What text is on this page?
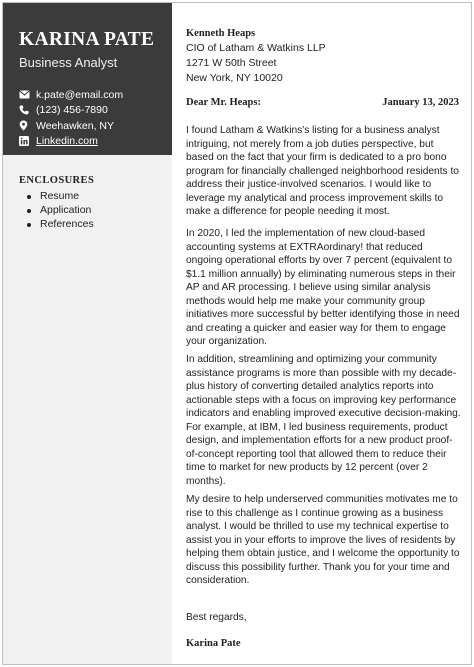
KARINA PATE
Business Analyst
k.pate@email.com
(123) 456-7890
Weehawken, NY
Linkedin.com
ENCLOSURES
Resume
Application
References
Kenneth Heaps
CIO of Latham & Watkins LLP
1271 W 50th Street
New York, NY 10020
Dear Mr. Heaps:	January 13, 2023

I found Latham & Watkins's listing for a business analyst intriguing, not merely from a job duties perspective, but based on the fact that your firm is dedicated to a pro bono program for financially challenged neighborhood residents to address their justice-involved scenarios. I would like to leverage my analytical and process improvement skills to make a difference for people needing it most.

In 2020, I led the implementation of new cloud-based accounting systems at EXTRAordinary! that reduced ongoing operational efforts by over 7 percent (equivalent to $1.1 million annually) by eliminating numerous steps in their AP and AR processing. I believe using similar analysis methods would help me make your community group initiatives more successful by better identifying those in need and creating a quicker and easier way for them to engage your organization.

In addition, streamlining and optimizing your community assistance programs is more than possible with my decade-plus history of converting detailed analytics reports into actionable steps with a focus on improving key performance indicators and enabling improved executive decision-making. For example, at IBM, I led business requirements, product design, and implementation efforts for a new product proof-of-concept reporting tool that allowed them to reduce their time to market for new products by 12 percent (over 2 months).

My desire to help underserved communities motivates me to rise to this challenge as I continue growing as a business analyst. I would be thrilled to use my technical expertise to assist you in your efforts to improve the lives of residents by helping them obtain justice, and I welcome the opportunity to discuss this possibility further. Thank you for your time and consideration.

Best regards,
Karina Pate
